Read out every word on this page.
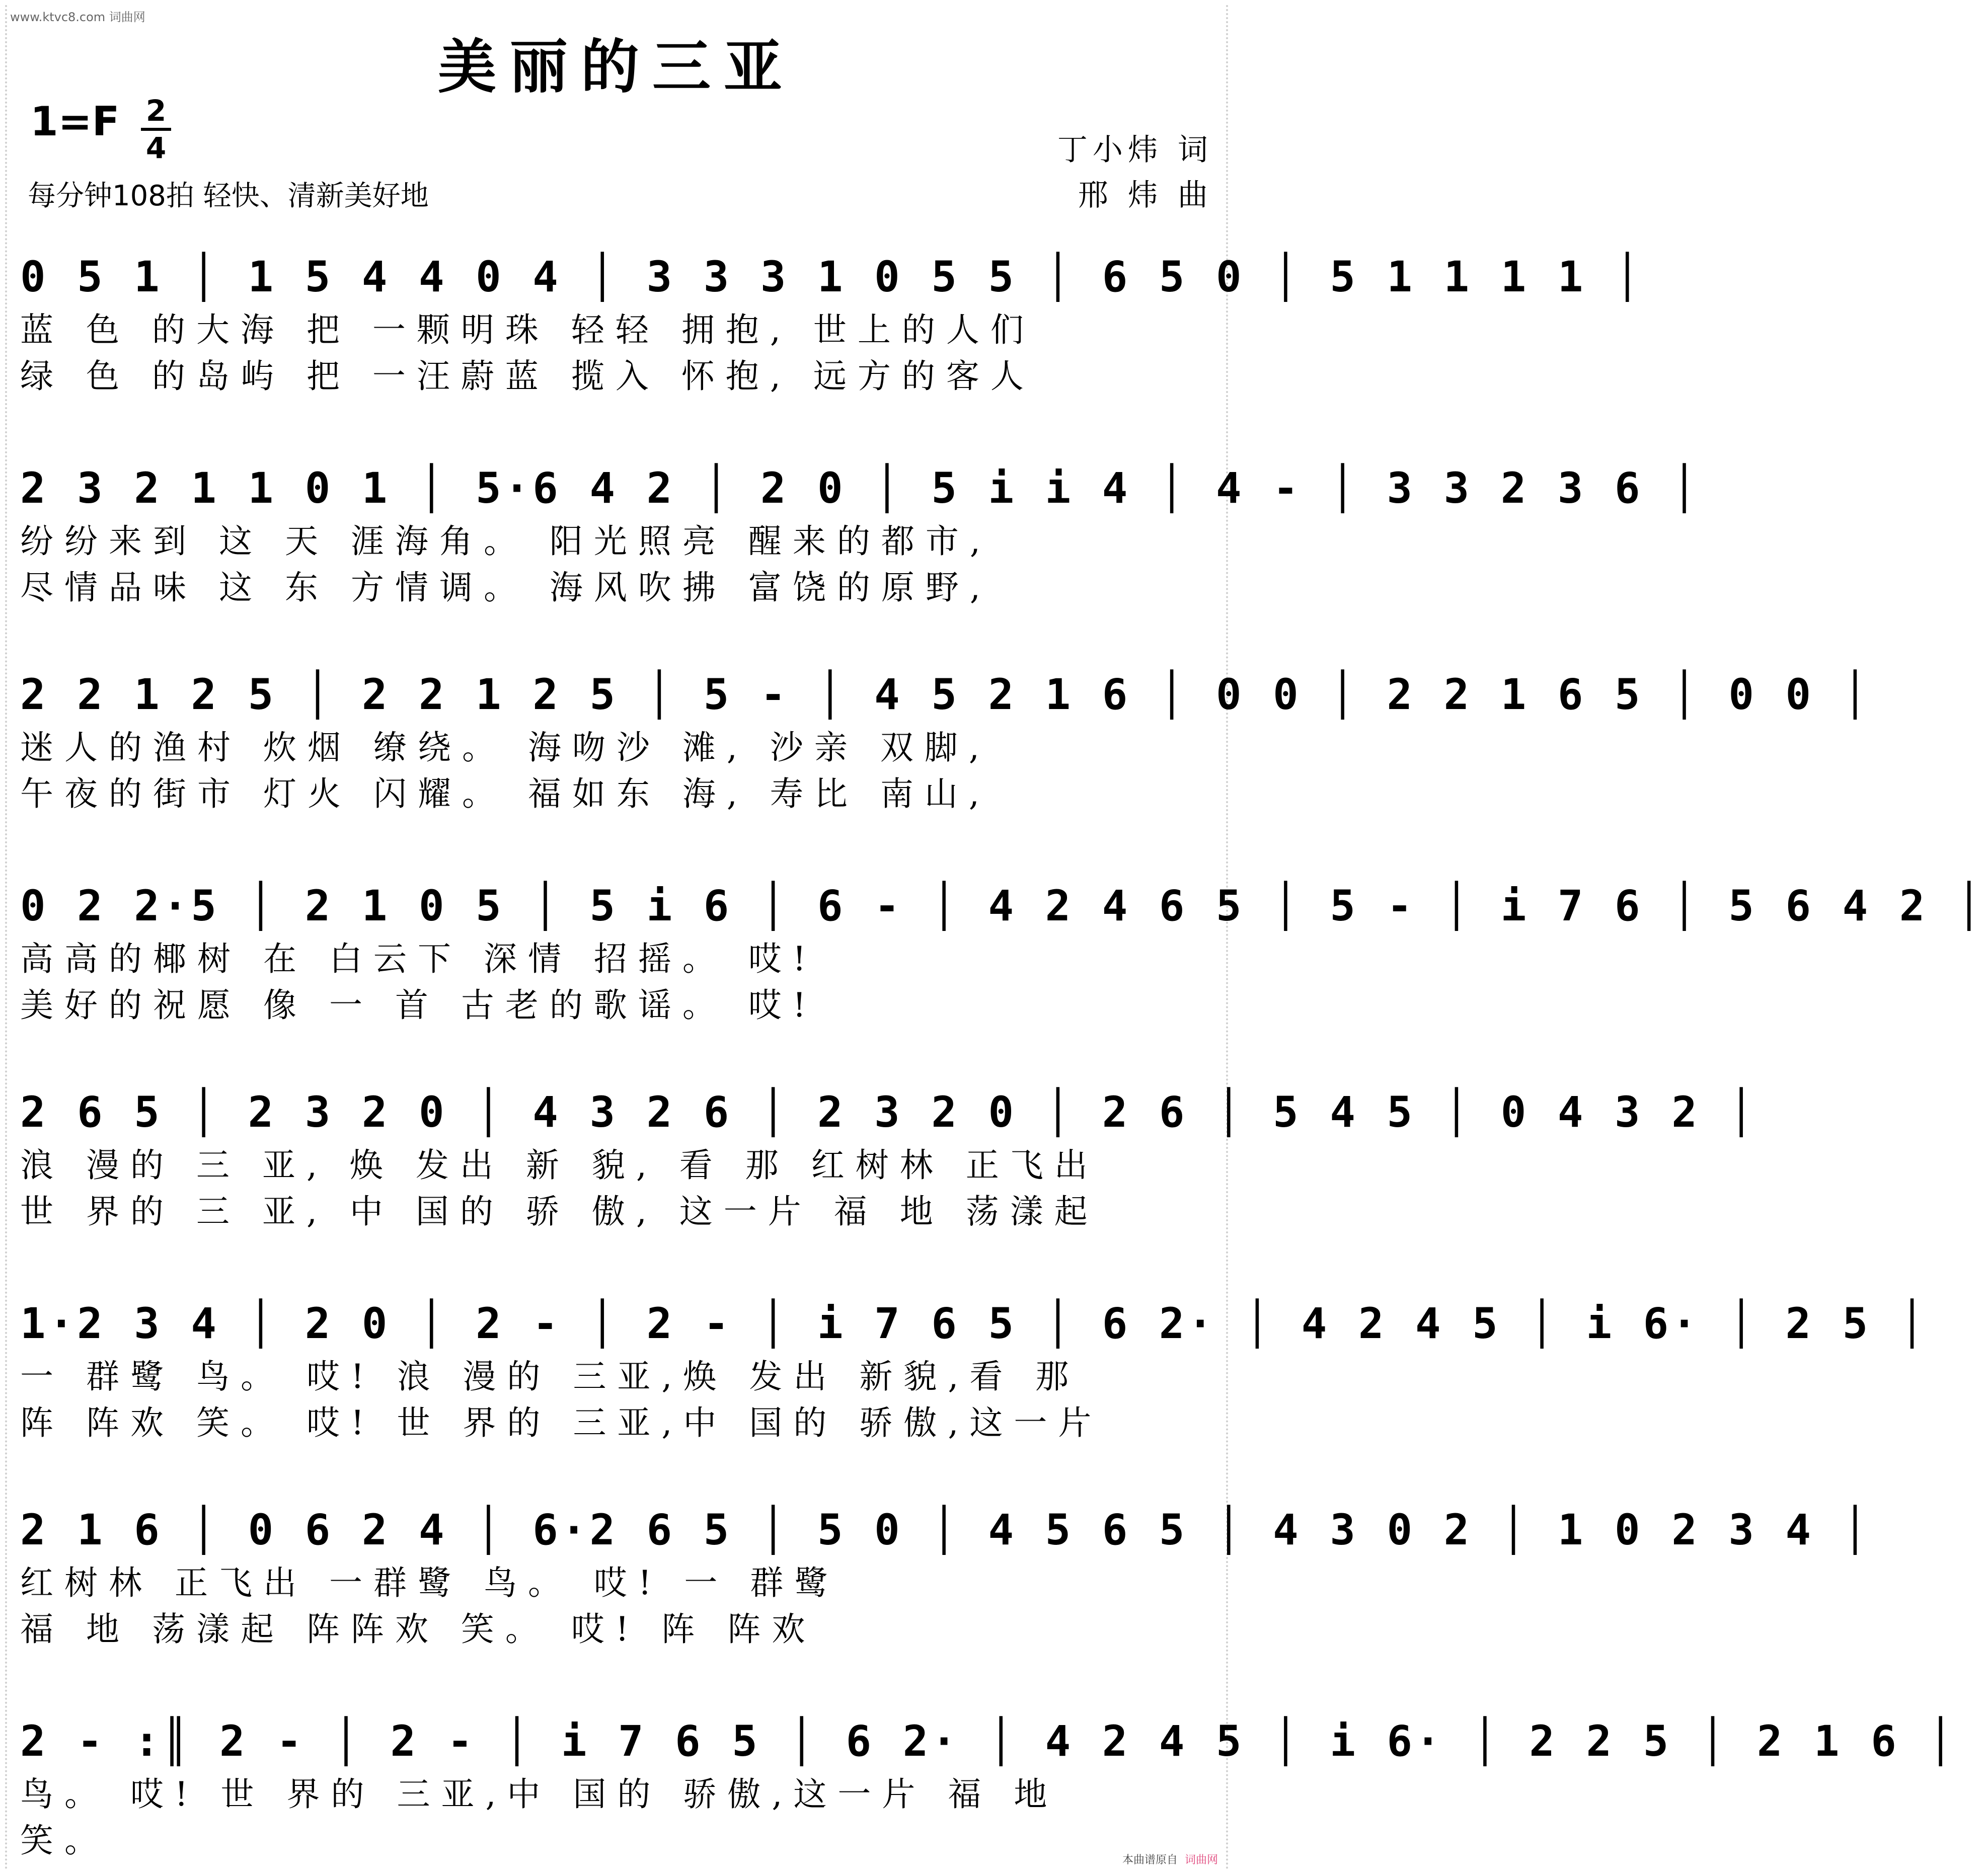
www.ktvc8.com 词曲网
美丽的三亚
1=F 2
4
每分钟108拍 轻快、清新美好地
丁小炜 词
邢 炜 曲
0 5 1 │ 1 5 4 4 0 4 │ 3 3 3 1 0 5 5 │ 6 5 0 │ 5 1 1 1 1 │
蓝 色 的大海 把 一颗明珠 轻轻 拥抱, 世上的人们
绿 色 的岛屿 把 一汪蔚蓝 揽入 怀抱, 远方的客人
2 3 2 1 1 0 1 │ 5·6 4 2 │ 2 0 │ 5 i i 4 │ 4 - │ 3 3 2 3 6 │
纷纷来到 这 天 涯海角。 阳光照亮 醒来的都市,
尽情品味 这 东 方情调。 海风吹拂 富饶的原野,
2 2 1 2 5 │ 2 2 1 2 5 │ 5 - │ 4 5 2 1 6 │ 0 0 │ 2 2 1 6 5 │ 0 0 │
迷人的渔村 炊烟 缭绕。 海吻沙 滩, 沙亲 双脚,
午夜的街市 灯火 闪耀。 福如东 海, 寿比 南山,
0 2 2·5 │ 2 1 0 5 │ 5 i 6 │ 6 - │ 4 2 4 6 5 │ 5 - │ i 7 6 │ 5 6 4 2 │
高高的椰树 在 白云下 深情 招摇。 哎!
美好的祝愿 像 一 首 古老的歌谣。 哎!
2 6 5 │ 2 3 2 0 │ 4 3 2 6 │ 2 3 2 0 │ 2 6 │ 5 4 5 │ 0 4 3 2 │
浪 漫的 三 亚, 焕 发出 新 貌, 看 那 红树林 正飞出
世 界的 三 亚, 中 国的 骄 傲, 这一片 福 地 荡漾起
1·2 3 4 │ 2 0 │ 2 - │ 2 - │ i 7 6 5 │ 6 2· │ 4 2 4 5 │ i 6· │ 2 5 │
一 群鹭 鸟。 哎! 浪 漫的 三亚,焕 发出 新貌,看 那
阵 阵欢 笑。 哎! 世 界的 三亚,中 国的 骄傲,这一片
2 1 6 │ 0 6 2 4 │ 6·2 6 5 │ 5 0 │ 4 5 6 5 │ 4 3 0 2 │ 1 0 2 3 4 │
红树林 正飞出 一群鹭 鸟。 哎! 一 群鹭
福 地 荡漾起 阵阵欢 笑。 哎! 阵 阵欢
2 - :║ 2 - │ 2 - │ i 7 6 5 │ 6 2· │ 4 2 4 5 │ i 6· │ 2 2 5 │ 2 1 6 │
鸟。 哎! 世 界的 三亚,中 国的 骄傲,这一片 福 地
笑。
本曲谱原自 词曲网
